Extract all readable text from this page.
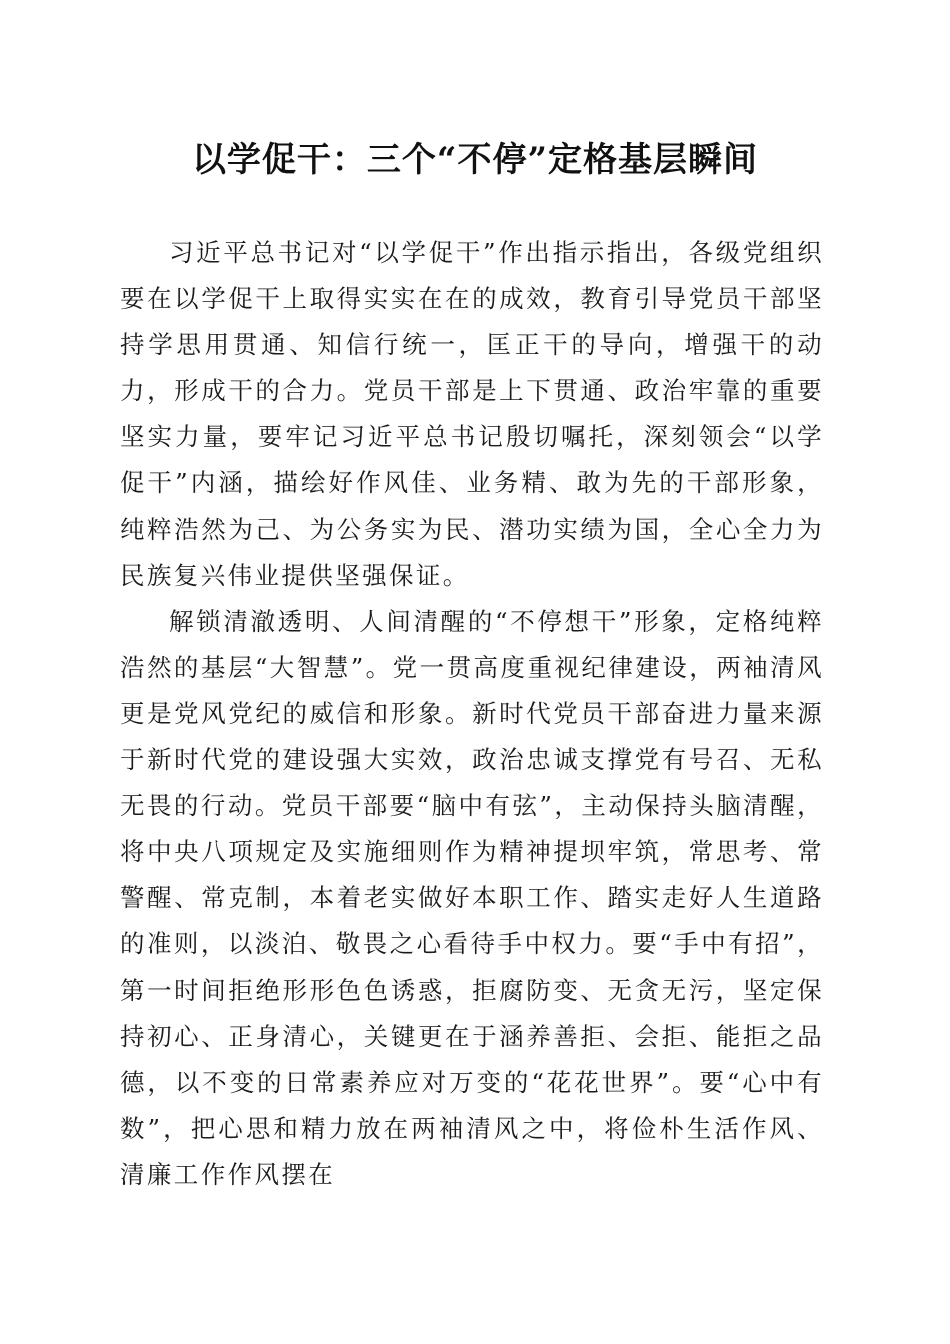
以学促干：三个“不停”定格基层瞬间

习近平总书记对“以学促干”作出指示指出，各级党组织要在以学促干上取得实实在在的成效，教育引导党员干部坚持学思用贯通、知信行统一，匡正干的导向，增强干的动力，形成干的合力。党员干部是上下贯通、政治牢靠的重要坚实力量，要牢记习近平总书记殷切嘱托，深刻领会“以学促干”内涵，描绘好作风佳、业务精、敢为先的干部形象，纯粹浩然为己、为公务实为民、潜功实绩为国，全心全力为民族复兴伟业提供坚强保证。

解锁清澈透明、人间清醒的“不停想干”形象，定格纯粹浩然的基层“大智慧”。党一贯高度重视纪律建设，两袖清风更是党风党纪的威信和形象。新时代党员干部奋进力量来源于新时代党的建设强大实效，政治忠诚支撑党有号召、无私无畏的行动。党员干部要“脑中有弦”，主动保持头脑清醒，将中央八项规定及实施细则作为精神提坝牢筑，常思考、常警醒、常克制，本着老实做好本职工作、踏实走好人生道路的准则，以淡泊、敬畏之心看待手中权力。要“手中有招”，第一时间拒绝形形色色诱惑，拒腐防变、无贪无污，坚定保持初心、正身清心，关键更在于涵养善拒、会拒、能拒之品德，以不变的日常素养应对万变的“花花世界”。要“心中有数”，把心思和精力放在两袖清风之中，将俭朴生活作风、清廉工作作风摆在
